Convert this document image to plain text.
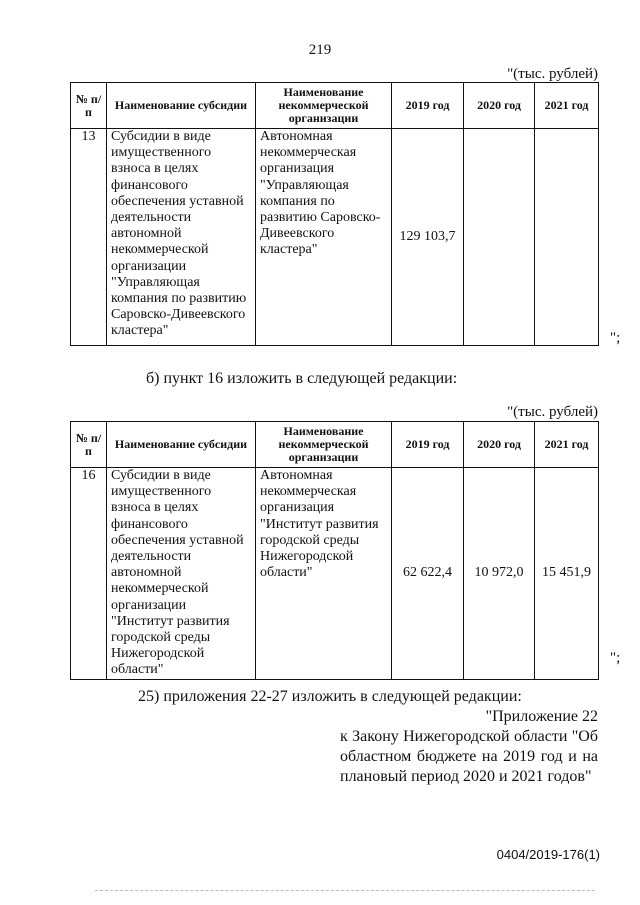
219
"(тыс. рублей)
№ п/п	Наименование субсидии	Наименование некоммерческой организации	2019 год	2020 год	2021 год
13	Субсидии в виде имущественного взноса в целях финансового обеспечения уставной деятельности автономной некоммерческой организации "Управляющая компания по развитию Саровско-Дивеевского кластера"	Автономная некоммерческая организация "Управляющая компания по развитию Саровско-Дивеевского кластера"	129 103,7		
";
б) пункт 16 изложить в следующей редакции:
"(тыс. рублей)
№ п/п	Наименование субсидии	Наименование некоммерческой организации	2019 год	2020 год	2021 год
16	Субсидии в виде имущественного взноса в целях финансового обеспечения уставной деятельности автономной некоммерческой организации "Институт развития городской среды Нижегородской области"	Автономная некоммерческая организация "Институт развития городской среды Нижегородской области"	62 622,4	10 972,0	15 451,9
";
25) приложения 22-27 изложить в следующей редакции:
"Приложение 22
к Закону Нижегородской области "Об областном бюджете на 2019 год и на плановый период 2020 и 2021 годов"
0404/2019-176(1)
